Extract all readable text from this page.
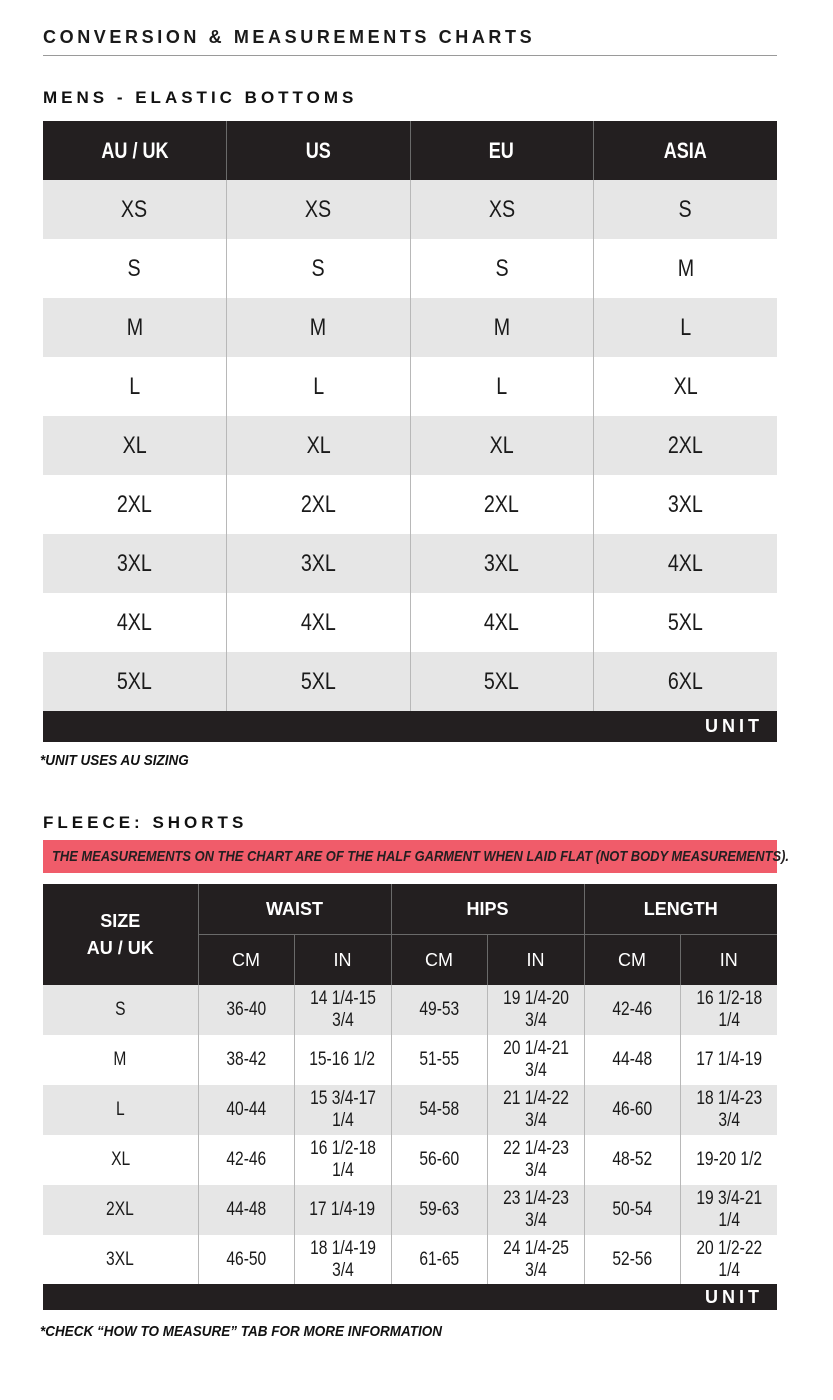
CONVERSION & MEASUREMENTS CHARTS
MENS - ELASTIC BOTTOMS
AU / UK	US	EU	ASIA
XS	XS	XS	S
S	S	S	M
M	M	M	L
L	L	L	XL
XL	XL	XL	2XL
2XL	2XL	2XL	3XL
3XL	3XL	3XL	4XL
4XL	4XL	4XL	5XL
5XL	5XL	5XL	6XL
UNIT

*UNIT USES AU SIZING

FLEECE: SHORTS
THE MEASUREMENTS ON THE CHART ARE OF THE HALF GARMENT WHEN LAID FLAT (NOT BODY MEASUREMENTS).
SIZE
AU / UK	WAIST		HIPS		LENGTH	
	CM	IN	CM	IN	CM	IN
S	36-40	14 1/4-15 3/4	49-53	19 1/4-20 3/4	42-46	16 1/2-18 1/4
M	38-42	15-16 1/2	51-55	20 1/4-21 3/4	44-48	17 1/4-19
L	40-44	15 3/4-17 1/4	54-58	21 1/4-22 3/4	46-60	18 1/4-23 3/4
XL	42-46	16 1/2-18 1/4	56-60	22 1/4-23 3/4	48-52	19-20 1/2
2XL	44-48	17 1/4-19	59-63	23 1/4-23 3/4	50-54	19 3/4-21 1/4
3XL	46-50	18 1/4-19 3/4	61-65	24 1/4-25 3/4	52-56	20 1/2-22 1/4
UNIT

*CHECK “HOW TO MEASURE” TAB FOR MORE INFORMATION
